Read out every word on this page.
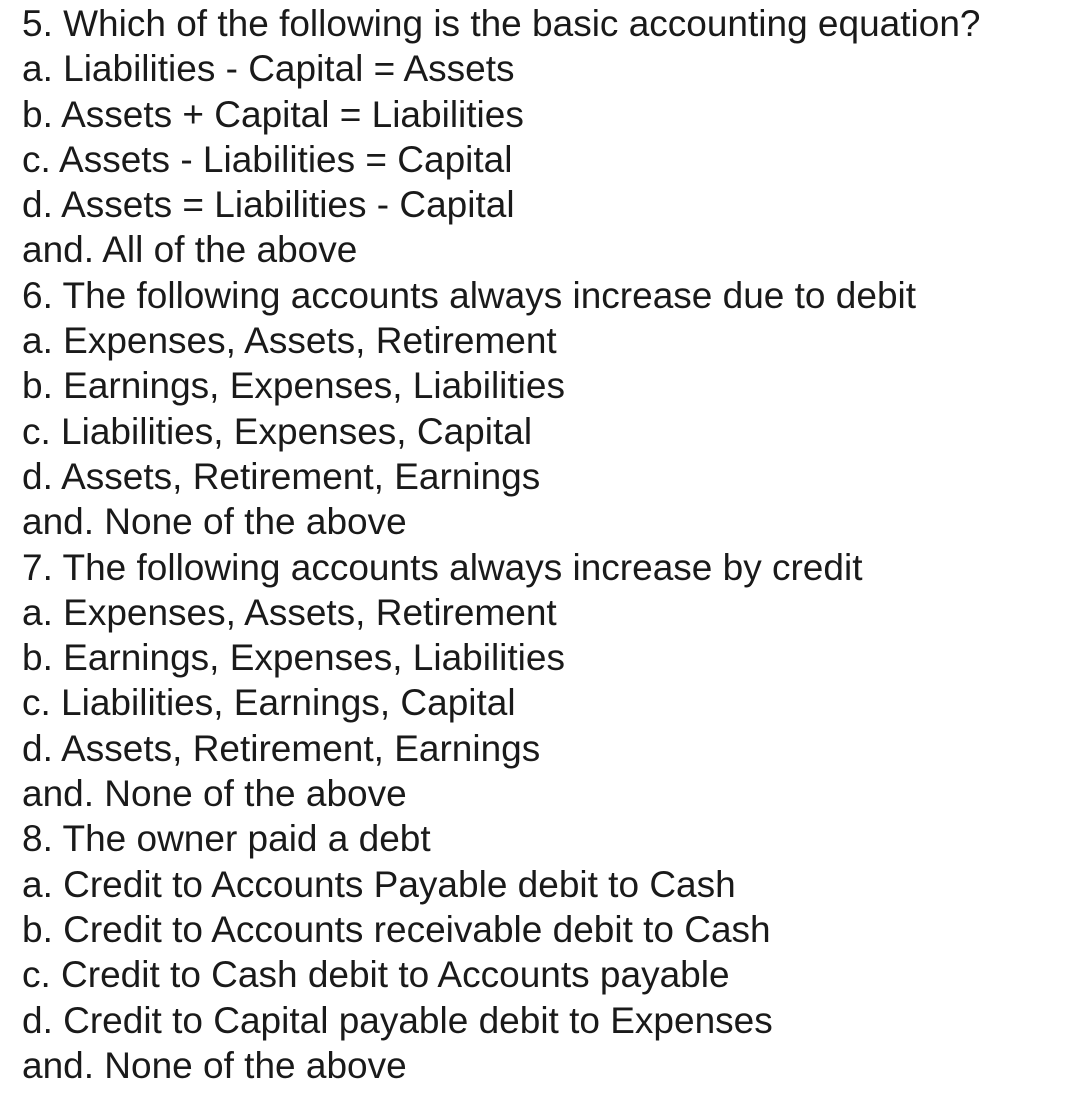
5. Which of the following is the basic accounting equation?
a. Liabilities - Capital = Assets
b. Assets + Capital = Liabilities
c. Assets - Liabilities = Capital
d. Assets = Liabilities - Capital
and. All of the above
6. The following accounts always increase due to debit
a. Expenses, Assets, Retirement
b. Earnings, Expenses, Liabilities
c. Liabilities, Expenses, Capital
d. Assets, Retirement, Earnings
and. None of the above
7. The following accounts always increase by credit
a. Expenses, Assets, Retirement
b. Earnings, Expenses, Liabilities
c. Liabilities, Earnings, Capital
d. Assets, Retirement, Earnings
and. None of the above
8. The owner paid a debt
a. Credit to Accounts Payable debit to Cash
b. Credit to Accounts receivable debit to Cash
c. Credit to Cash debit to Accounts payable
d. Credit to Capital payable debit to Expenses
and. None of the above
